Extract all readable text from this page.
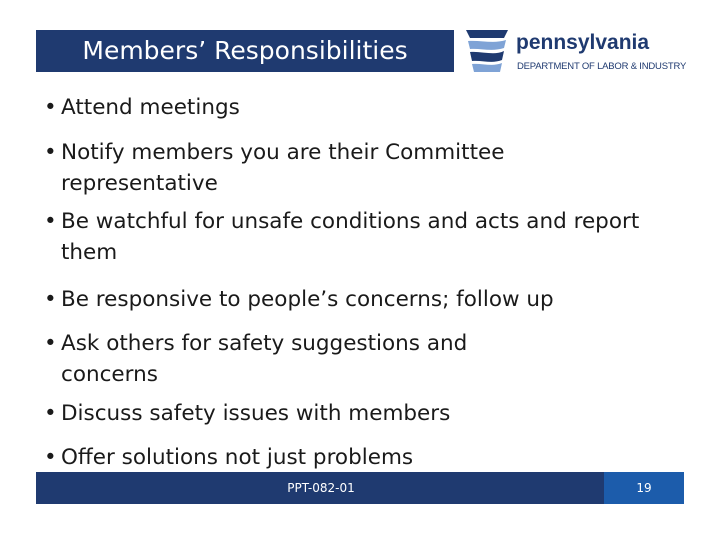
Members’ Responsibilities	pennsylvania
DEPARTMENT OF LABOR & INDUSTRY
• Attend meetings
• Notify members you are their Committee representative
• Be watchful for unsafe conditions and acts and report them
• Be responsive to people’s concerns; follow up
• Ask others for safety suggestions and concerns
• Discuss safety issues with members
• Offer solutions not just problems
PPT-082-01	19
